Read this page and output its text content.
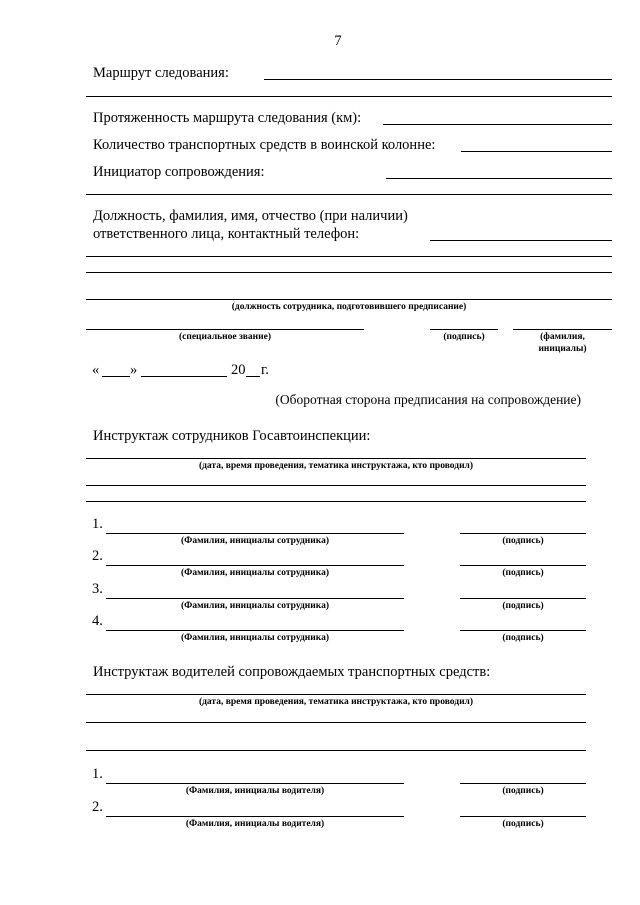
7
Маршрут следования:
Протяженность маршрута следования (км):
Количество транспортных средств в воинской колонне:
Инициатор сопровождения:
Должность, фамилия, имя, отчество (при наличии)
ответственного лица, контактный телефон:
(должность сотрудника, подготовившего предписание)
(специальное звание)	(подпись)	(фамилия,
инициалы)
« »	20 г.
(Оборотная сторона предписания на сопровождение)
Инструктаж сотрудников Госавтоинспекции:
(дата, время проведения, тематика инструктажа, кто проводил)
1.
(Фамилия, инициалы сотрудника)	(подпись)
2.
(Фамилия, инициалы сотрудника)	(подпись)
3.
(Фамилия, инициалы сотрудника)	(подпись)
4.
(Фамилия, инициалы сотрудника)	(подпись)
Инструктаж водителей сопровождаемых транспортных средств:
(дата, время проведения, тематика инструктажа, кто проводил)
1.
(Фамилия, инициалы водителя)	(подпись)
2.
(Фамилия, инициалы водителя)	(подпись)
